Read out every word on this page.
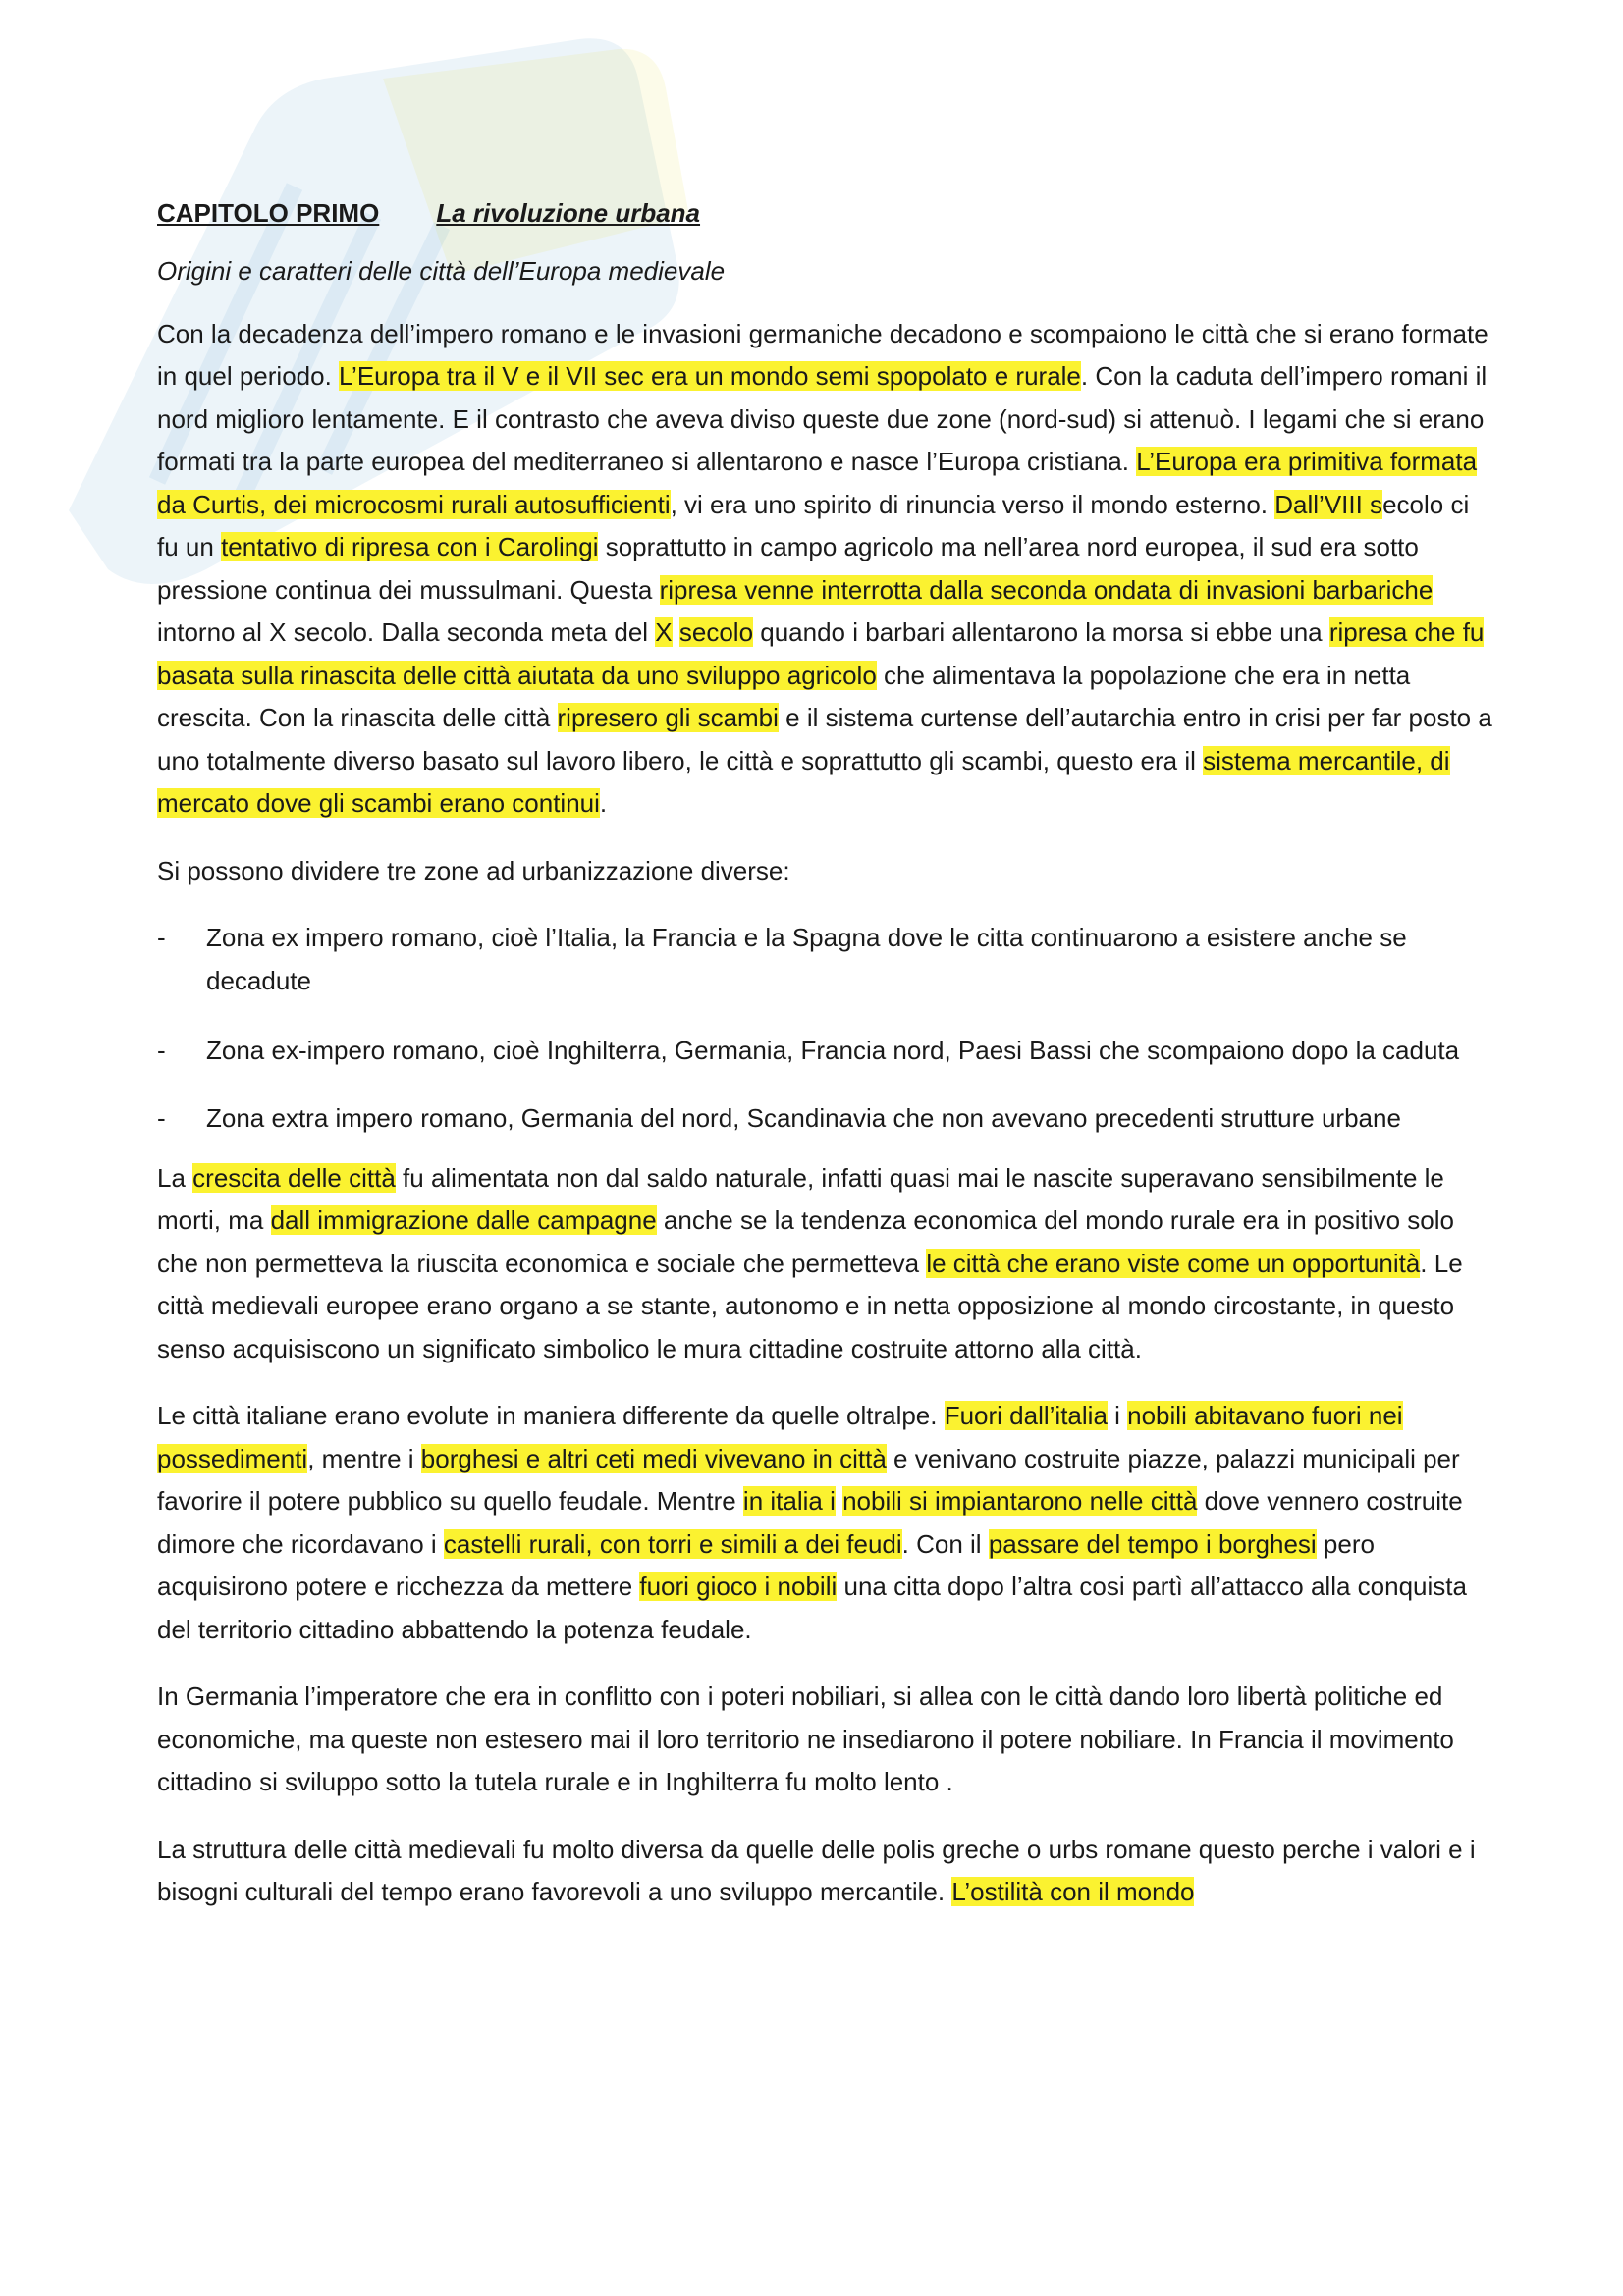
CAPITOLO PRIMO La rivoluzione urbana
Origini e caratteri delle città dell’Europa medievale

Con la decadenza dell’impero romano e le invasioni germaniche decadono e scompaiono le città che si erano formate in quel periodo. L’Europa tra il V e il VII sec era un mondo semi spopolato e rurale. Con la caduta dell’impero romani il nord miglioro lentamente. E il contrasto che aveva diviso queste due zone (nord-sud) si attenuò. I legami che si erano formati tra la parte europea del mediterraneo si allentarono e nasce l’Europa cristiana. L’Europa era primitiva formata da Curtis, dei microcosmi rurali autosufficienti, vi era uno spirito di rinuncia verso il mondo esterno. Dall’VIII secolo ci fu un tentativo di ripresa con i Carolingi soprattutto in campo agricolo ma nell’area nord europea, il sud era sotto pressione continua dei mussulmani. Questa ripresa venne interrotta dalla seconda ondata di invasioni barbariche intorno al X secolo. Dalla seconda meta del X secolo quando i barbari allentarono la morsa si ebbe una ripresa che fu basata sulla rinascita delle città aiutata da uno sviluppo agricolo che alimentava la popolazione che era in netta crescita. Con la rinascita delle città ripresero gli scambi e il sistema curtense dell’autarchia entro in crisi per far posto a uno totalmente diverso basato sul lavoro libero, le città e soprattutto gli scambi, questo era il sistema mercantile, di mercato dove gli scambi erano continui.

Si possono dividere tre zone ad urbanizzazione diverse:

- Zona ex impero romano, cioè l’Italia, la Francia e la Spagna dove le citta continuarono a esistere anche se decadute
- Zona ex-impero romano, cioè Inghilterra, Germania, Francia nord, Paesi Bassi che scompaiono dopo la caduta
- Zona extra impero romano, Germania del nord, Scandinavia che non avevano precedenti strutture urbane

La crescita delle città fu alimentata non dal saldo naturale, infatti quasi mai le nascite superavano sensibilmente le morti, ma dall immigrazione dalle campagne anche se la tendenza economica del mondo rurale era in positivo solo che non permetteva la riuscita economica e sociale che permetteva le città che erano viste come un opportunità. Le città medievali europee erano organo a se stante, autonomo e in netta opposizione al mondo circostante, in questo senso acquisiscono un significato simbolico le mura cittadine costruite attorno alla città.

Le città italiane erano evolute in maniera differente da quelle oltralpe. Fuori dall’italia i nobili abitavano fuori nei possedimenti, mentre i borghesi e altri ceti medi vivevano in città e venivano costruite piazze, palazzi municipali per favorire il potere pubblico su quello feudale. Mentre in italia i nobili si impiantarono nelle città dove vennero costruite dimore che ricordavano i castelli rurali, con torri e simili a dei feudi. Con il passare del tempo i borghesi pero acquisirono potere e ricchezza da mettere fuori gioco i nobili una citta dopo l’altra cosi partì all’attacco alla conquista del territorio cittadino abbattendo la potenza feudale.

In Germania l’imperatore che era in conflitto con i poteri nobiliari, si allea con le città dando loro libertà politiche ed economiche, ma queste non estesero mai il loro territorio ne insediarono il potere nobiliare. In Francia il movimento cittadino si sviluppo sotto la tutela rurale e in Inghilterra fu molto lento .

La struttura delle città medievali fu molto diversa da quelle delle polis greche o urbs romane questo perche i valori e i bisogni culturali del tempo erano favorevoli a uno sviluppo mercantile. L’ostilità con il mondo
